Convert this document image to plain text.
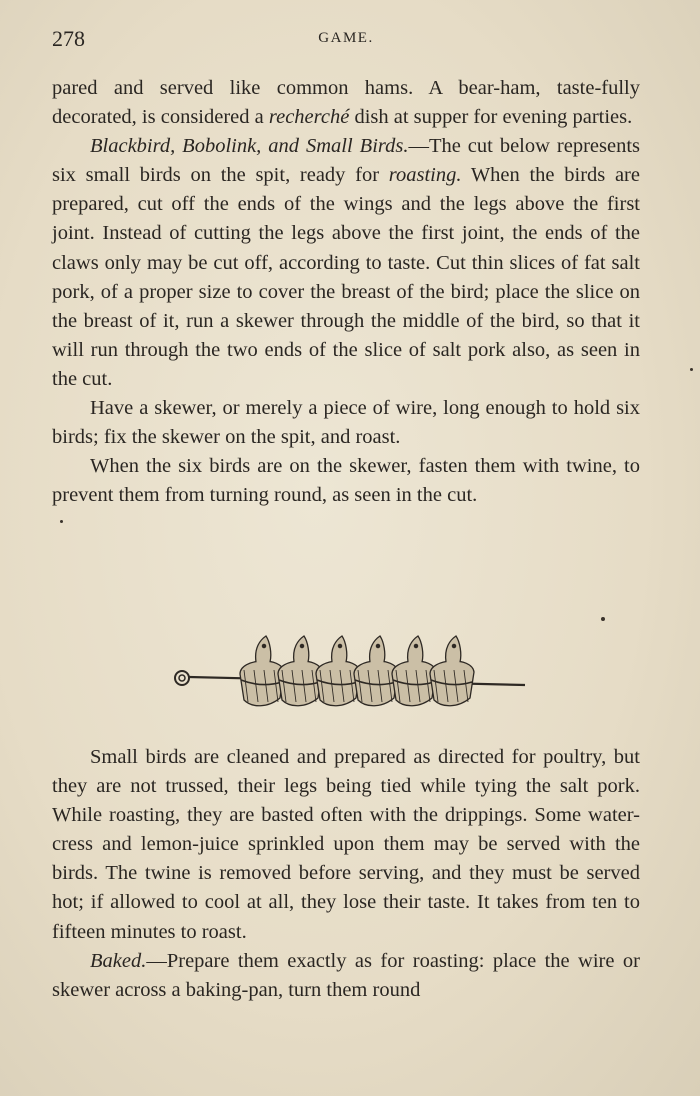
278	GAME.

pared and served like common hams. A bear-ham, taste-fully decorated, is considered a recherché dish at supper for evening parties.

Blackbird, Bobolink, and Small Birds.—The cut below represents six small birds on the spit, ready for roasting. When the birds are prepared, cut off the ends of the wings and the legs above the first joint. Instead of cutting the legs above the first joint, the ends of the claws only may be cut off, according to taste. Cut thin slices of fat salt pork, of a proper size to cover the breast of the bird; place the slice on the breast of it, run a skewer through the middle of the bird, so that it will run through the two ends of the slice of salt pork also, as seen in the cut.

Have a skewer, or merely a piece of wire, long enough to hold six birds; fix the skewer on the spit, and roast.

When the six birds are on the skewer, fasten them with twine, to prevent them from turning round, as seen in the cut.

Small birds are cleaned and prepared as directed for poultry, but they are not trussed, their legs being tied while tying the salt pork. While roasting, they are basted often with the drippings. Some water-cress and lemon-juice sprinkled upon them may be served with the birds. The twine is removed before serving, and they must be served hot; if allowed to cool at all, they lose their taste. It takes from ten to fifteen minutes to roast.

Baked.—Prepare them exactly as for roasting: place the wire or skewer across a baking-pan, turn them round
